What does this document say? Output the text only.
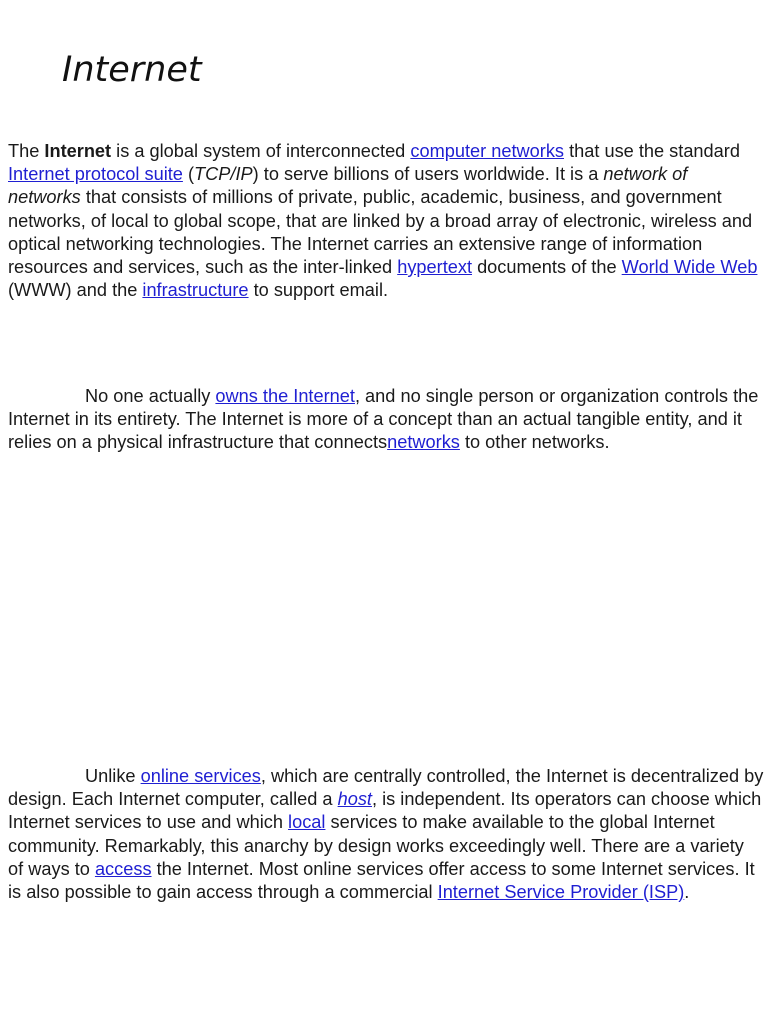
Internet

The Internet is a global system of interconnected computer networks that use the standard Internet protocol suite (TCP/IP) to serve billions of users worldwide. It is a network of networks that consists of millions of private, public, academic, business, and government networks, of local to global scope, that are linked by a broad array of electronic, wireless and optical networking technologies. The Internet carries an extensive range of information resources and services, such as the inter-linked hypertext documents of the World Wide Web (WWW) and the infrastructure to support email.

No one actually owns the Internet, and no single person or organization controls the Internet in its entirety. The Internet is more of a concept than an actual tangible entity, and it relies on a physical infrastructure that connectsnetworks to other networks.

Unlike online services, which are centrally controlled, the Internet is decentralized by design. Each Internet computer, called a host, is independent. Its operators can choose which Internet services to use and which local services to make available to the global Internet community. Remarkably, this anarchy by design works exceedingly well. There are a variety of ways to access the Internet. Most online services offer access to some Internet services. It is also possible to gain access through a commercial Internet Service Provider (ISP).
